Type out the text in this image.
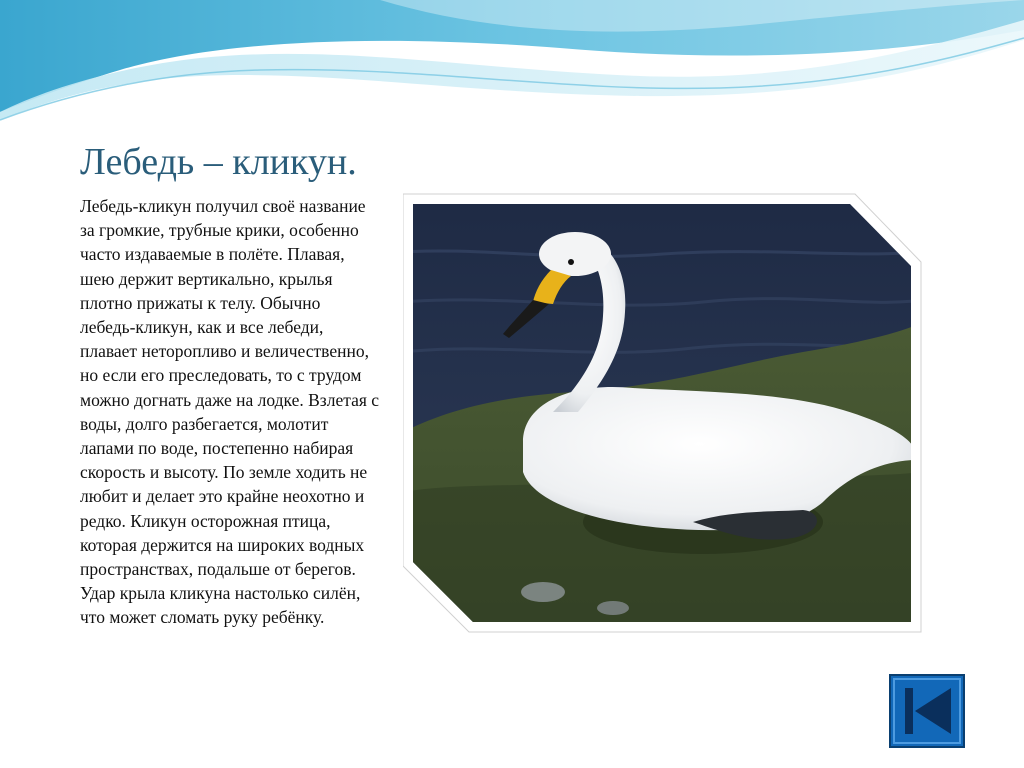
Лебедь – кликун.

Лебедь-кликун получил своё название за громкие, трубные крики, особенно часто издаваемые в полёте. Плавая, шею держит вертикально, крылья плотно прижаты к телу. Обычно лебедь-кликун, как и все лебеди, плавает неторопливо и величественно, но если его преследовать, то с трудом можно догнать даже на лодке. Взлетая с воды, долго разбегается, молотит лапами по воде, постепенно набирая скорость и высоту. По земле ходить не любит и делает это крайне неохотно и редко. Кликун осторожная птица, которая держится на широких водных пространствах, подальше от берегов. Удар крыла кликуна настолько силён, что может сломать руку ребёнку.
